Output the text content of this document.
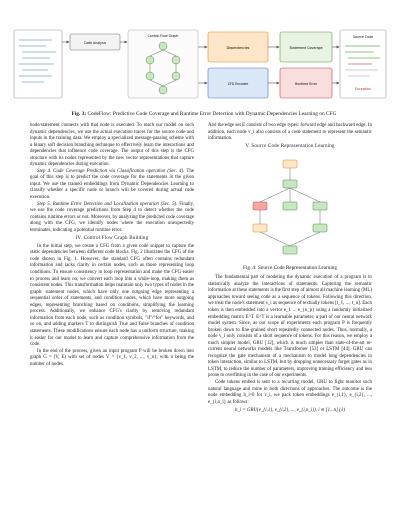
Code Analysis
Control-Flow Graph
Dependencies
CFG Encoder
Statement Coverage
Runtime Error
Source Code
Exception
Fig. 3: CodeFlow: Predictive Code Coverage and Runtime Error Detection with Dynamic Dependencies Learning on CFG

node/statement connects with that node is executed. To reach our model on such dynamic dependencies, we use the actual execution traces for the source code and inputs in the training data. We employ a specialized message-passing scheme with a binary soft decision branching technique to effectively learn the interactions and dependencies that influence code coverage. The output of this step is the CFG structure with its nodes represented by the new vector representations that capture dynamic dependencies during execution.

Step 4. Code Coverage Prediction via Classification operation (Sec. 4). The goal of this step is to predict the code coverage for the statements in the given input. We use the trained embeddings from Dynamic Dependencies Learning to classify whether a specific node or branch will be covered during actual code execution.

Step 5. Runtime Error Detection and Localization operation (Sec. 5). Finally, we use the code coverage predictions from Step 4 to detect whether the code contains runtime errors or not. Moreover, by analyzing the predicted code coverage along with the CFG, we identify nodes where the execution unexpectedly terminates, indicating a potential runtime error.

IV. Control Flow Graph Building

In the initial step, we create a CFG from a given code snippet to capture the static dependencies between different code blocks. Fig. 2 illustrates the CFG of the code shown in Fig. 1. However, the standard CFG often contains redundant information and lacks clarity in certain nodes, such as those representing loop conditions. To ensure consistency in loop representation and make the CFG easier to process and learn on, we convert each loop into a while-loop, making them as consistent nodes. This transformation helps maintain only two types of nodes in the graph: statement nodes, which have only one outgoing edge representing a sequential order of statements, and condition nodes, which have more outgoing edges, representing branching based on conditions, simplifying the learning process. Additionally, we enhance CFG's clarity by removing redundant information from each node, such as condition symbols, "if"/"for" keywords, and so on, and adding markers T to distinguish True and False branches of condition statements. These modifications ensure each node has a uniform structure, making it easier for our model to learn and capture comprehensive information from the code.

In the end of the process, given an input program P will be broken down into graph G = (V, E) with set of nodes V = {v_1, v_2, ..., v_n}, with n being the number of nodes.

And the edge set E consists of two edge types: forward edge and backward edge. In addition, each node v_i also consists of a code statement to represent the semantic information.

V. Source Code Representation Learning
Fig. 4: Source Code Representation Learning

The fundamental part of modeling the dynamic execution of a program is to statistically analyze the interactions of statements. Capturing the semantic information at these statements is the first step of almost all machine learning (ML) approaches toward seeing code as a sequence of tokens. Following this direction, we treat the node's statement s_i as sequence of textually tokens [t_1, ..., t_n]. Each token is then embedded into a vector e_1 ... e_{n_p} using a randomly initialized embedding matrix E^T. E^T is a learnable parameter, a part of our neural network model system. Since, as our scope of experiments each program P is frequently broken down to fine-grained short repeatedly connected nodes. Thus, normally, a node v_i only consists of a short sequence of tokens. For this reason, we employ a much simpler model, GRU [12], which is much simpler than state-of-the-art re-current neural networks models like Transformer [53] or LSTM [44]. GRU can recognize the gate mechanism of a mechanism to model long dependencies in token interaction, similar to LSTM, but by dropping unnecessary forget gates as in LSTM, to reduce the number of parameters, improving training efficiency and less prone to overfitting in the case of our experiments.

Code tokens embed is sent to a recurring model, GRU to fight monitor such natural language and mine in both directions of approaches. The outcome is the node embedding h_i^0 for v_i, we pack token embeddings e_{i,1}, e_{i,2}, ..., e_{i,n_i} as follows:

h_i = GRU(e_{i,1}, e_{i,2}, ..., e_{i,n_i}), i ∈ [1...n] (1)
